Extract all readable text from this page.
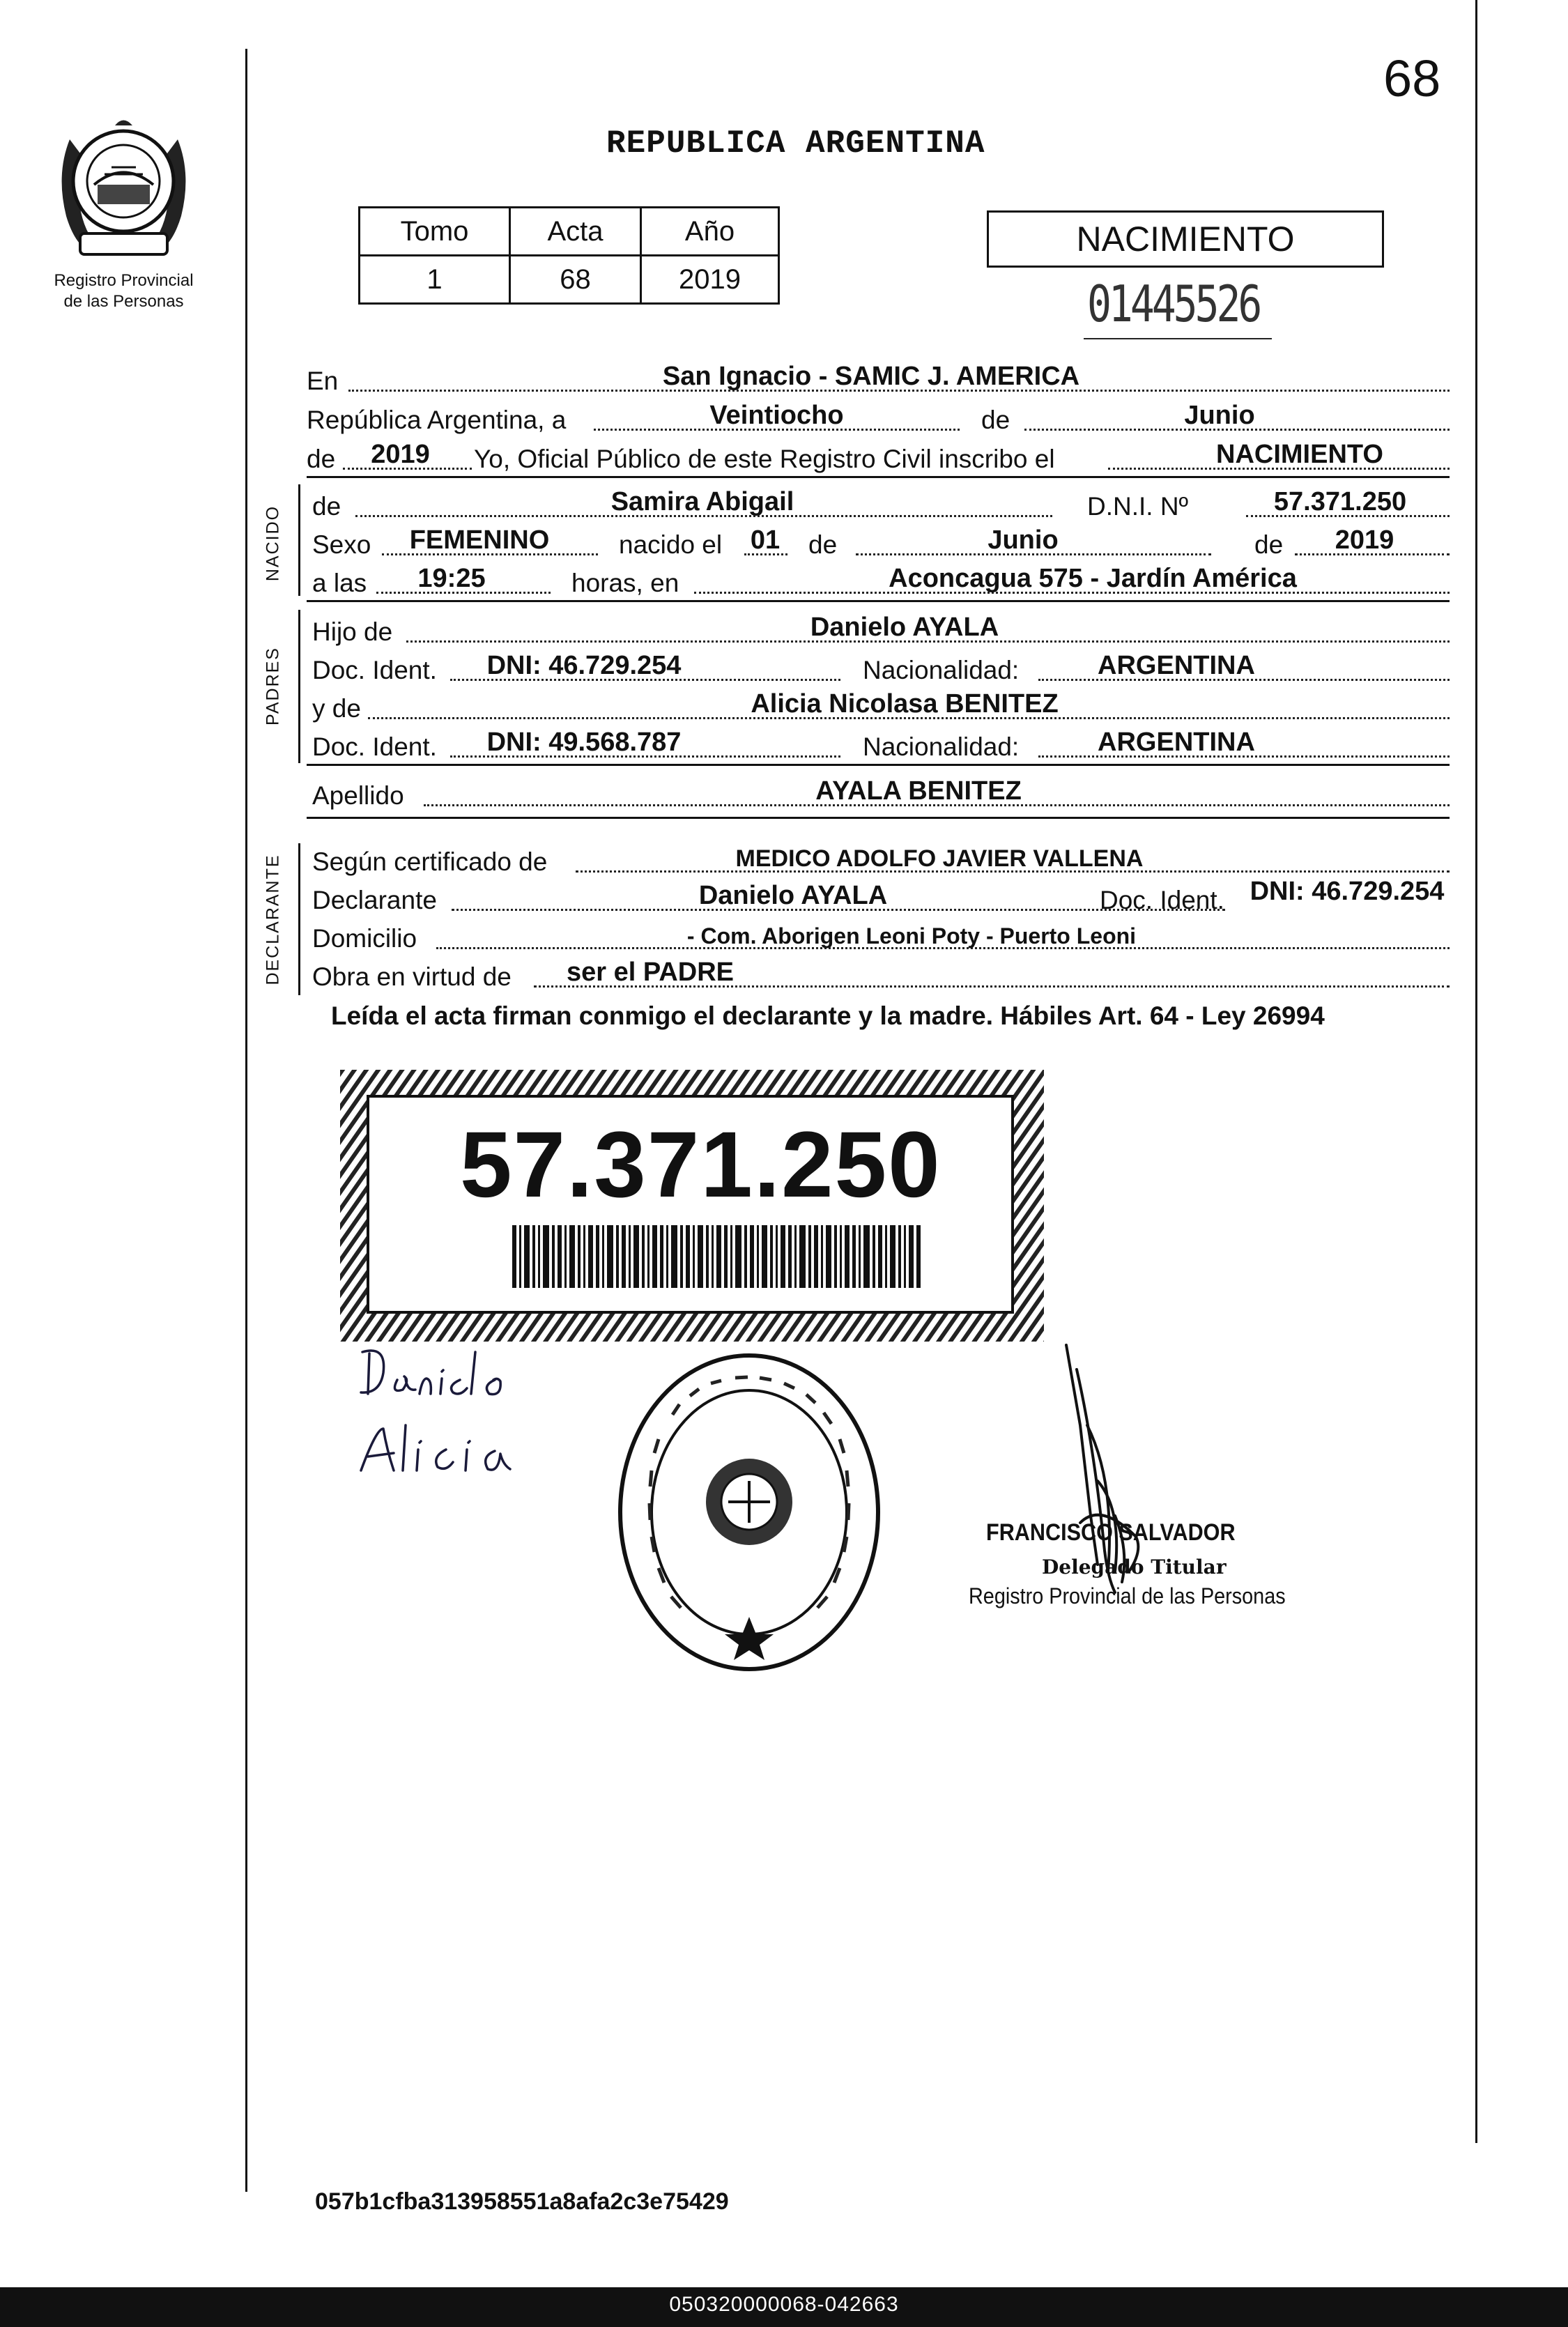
68
Registro Provincial
de las Personas
REPUBLICA ARGENTINA
Tomo	Acta	Año
1	68	2019
NACIMIENTO
01445526
En	San Ignacio - SAMIC J. AMERICA
República Argentina, a	Veintiocho	de	Junio
de	2019	Yo, Oficial Público de este Registro Civil inscribo el	NACIMIENTO
NACIDO de	Samira Abigail	D.N.I. Nº	57.371.250
Sexo	FEMENINO	nacido el 01 de	Junio	de	2019
a las	19:25	horas, en	Aconcagua 575 - Jardín América
PADRES
Hijo de	Danielo AYALA
Doc. Ident.	DNI: 46.729.254	Nacionalidad:	ARGENTINA
y de	Alicia Nicolasa BENITEZ
Doc. Ident.	DNI: 49.568.787	Nacionalidad:	ARGENTINA
Apellido	AYALA BENITEZ
DECLARANTE Según certificado de	MEDICO ADOLFO JAVIER VALLENA
Declarante	Danielo AYALA	Doc. Ident. DNI: 46.729.254
Domicilio	- Com. Aborigen Leoni Poty - Puerto Leoni
Obra en virtud de	ser el PADRE
Leída el acta firman conmigo el declarante y la madre. Hábiles Art. 64 - Ley 26994
57.371.250
FRANCISCO SALVADOR
Delegado Titular
Registro Provincial de las Personas
057b1cfba313958551a8afa2c3e75429
050320000068-042663
